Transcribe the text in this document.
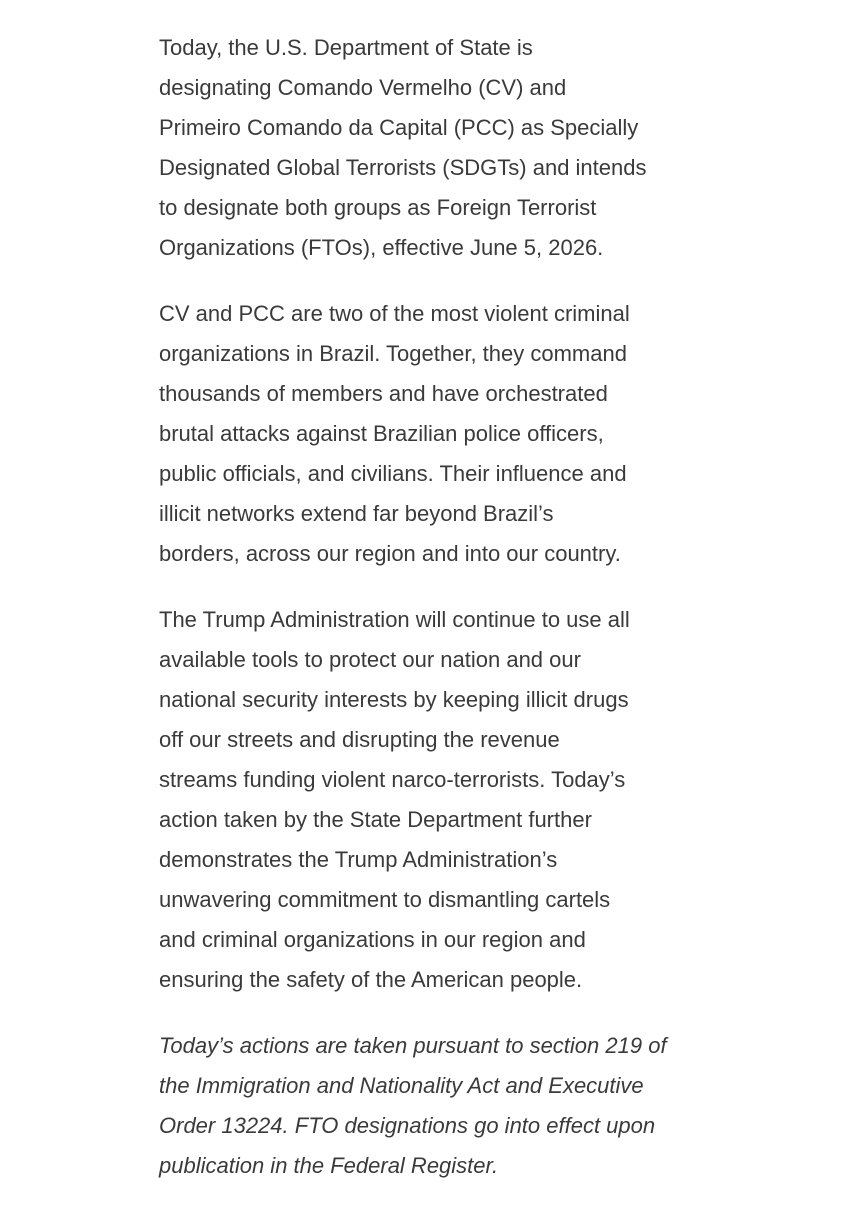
Today, the U.S. Department of State is
designating Comando Vermelho (CV) and
Primeiro Comando da Capital (PCC) as Specially
Designated Global Terrorists (SDGTs) and intends
to designate both groups as Foreign Terrorist
Organizations (FTOs), effective June 5, 2026.

CV and PCC are two of the most violent criminal
organizations in Brazil. Together, they command
thousands of members and have orchestrated
brutal attacks against Brazilian police officers,
public officials, and civilians. Their influence and
illicit networks extend far beyond Brazil’s
borders, across our region and into our country.

The Trump Administration will continue to use all
available tools to protect our nation and our
national security interests by keeping illicit drugs
off our streets and disrupting the revenue
streams funding violent narco-terrorists. Today’s
action taken by the State Department further
demonstrates the Trump Administration’s
unwavering commitment to dismantling cartels
and criminal organizations in our region and
ensuring the safety of the American people.

Today’s actions are taken pursuant to section 219 of
the Immigration and Nationality Act and Executive
Order 13224. FTO designations go into effect upon
publication in the Federal Register.
